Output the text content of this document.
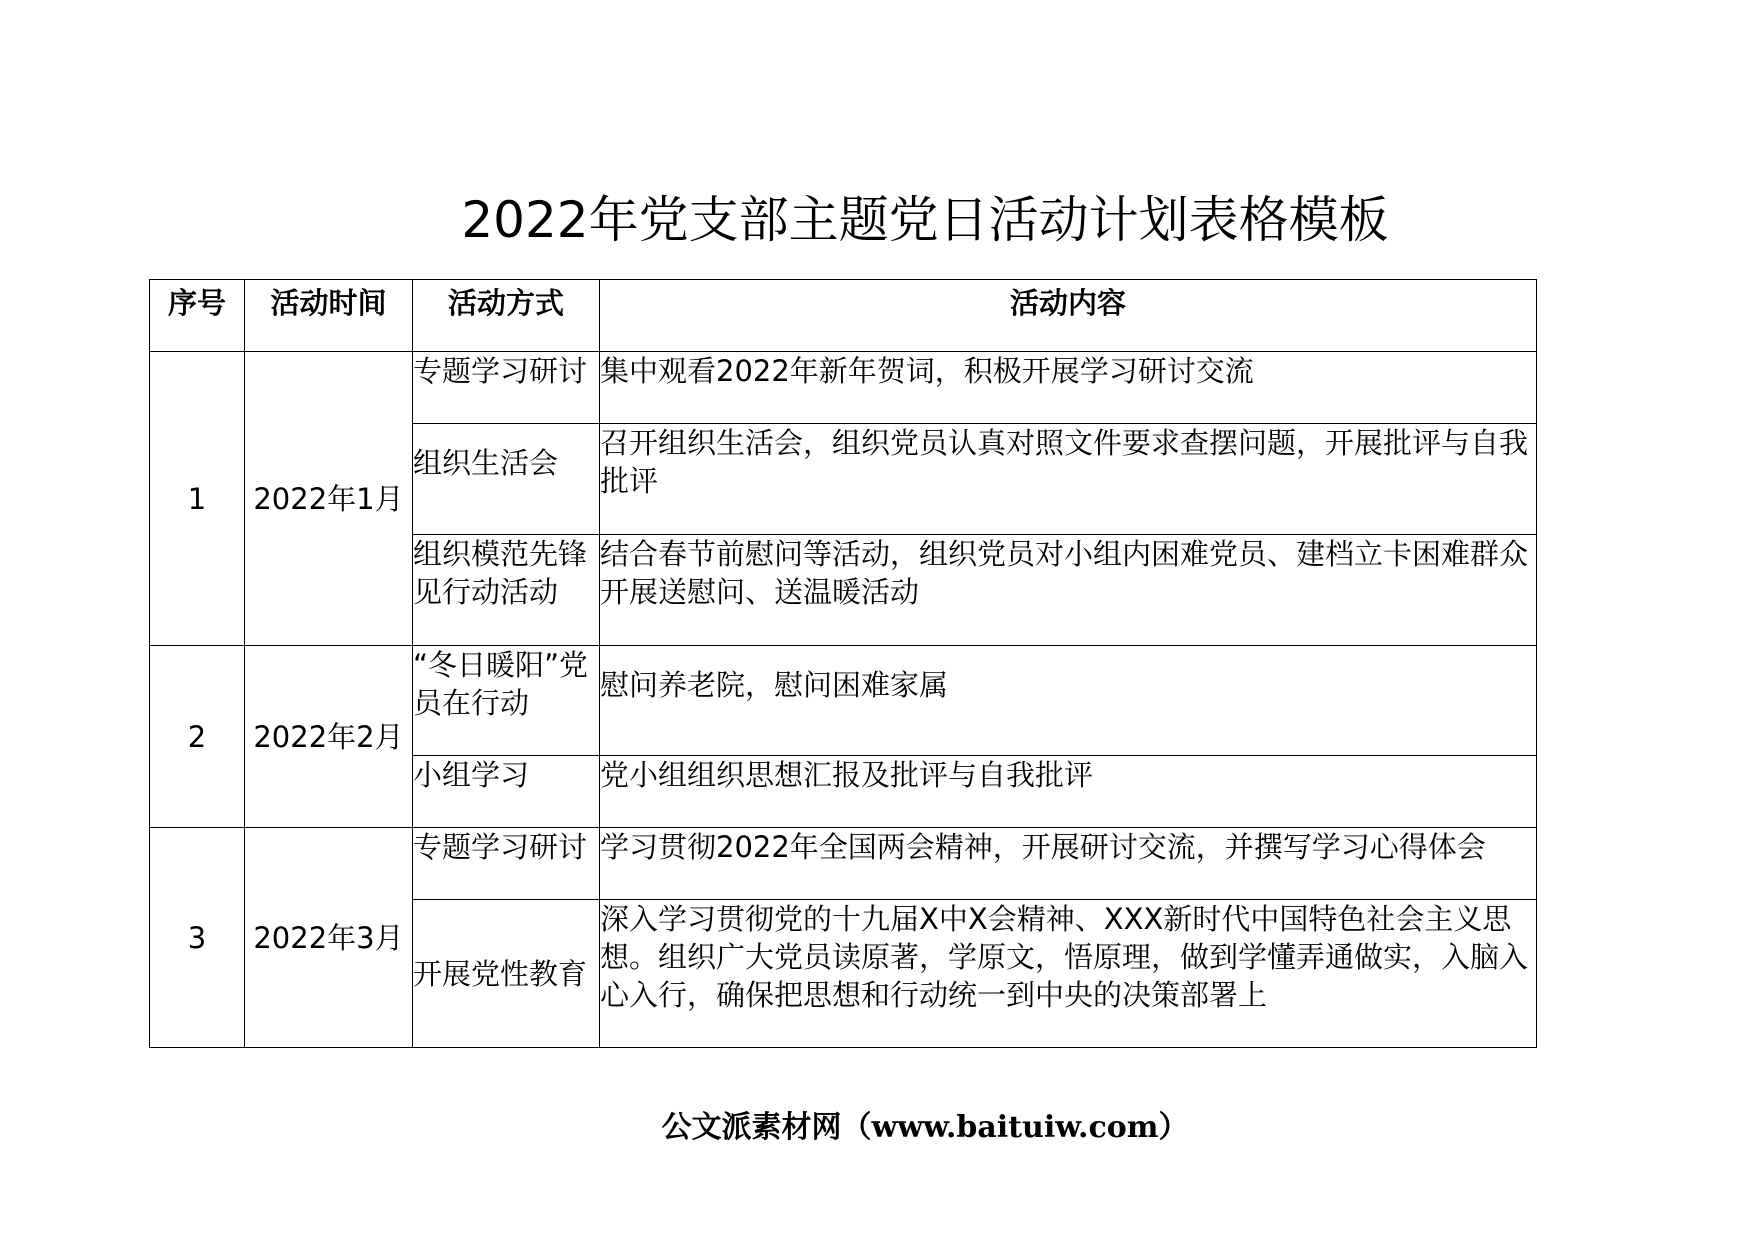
2022年党支部主题党日活动计划表格模板
序号	活动时间	活动方式	活动内容
1	2022年1月	专题学习研讨	集中观看2022年新年贺词，积极开展学习研讨交流
		组织生活会	召开组织生活会，组织党员认真对照文件要求查摆问题，开展批评与自我批评
		组织模范先锋见行动活动	结合春节前慰问等活动，组织党员对小组内困难党员、建档立卡困难群众开展送慰问、送温暖活动
2	2022年2月	“冬日暖阳”党员在行动	慰问养老院，慰问困难家属
		小组学习	党小组组织思想汇报及批评与自我批评
3	2022年3月	专题学习研讨	学习贯彻2022年全国两会精神，开展研讨交流，并撰写学习心得体会
		开展党性教育	深入学习贯彻党的十九届X中X会精神、XXX新时代中国特色社会主义思想。组织广大党员读原著，学原文，悟原理，做到学懂弄通做实，入脑入心入行，确保把思想和行动统一到中央的决策部署上
公文派素材网（www.baituiw.com）
